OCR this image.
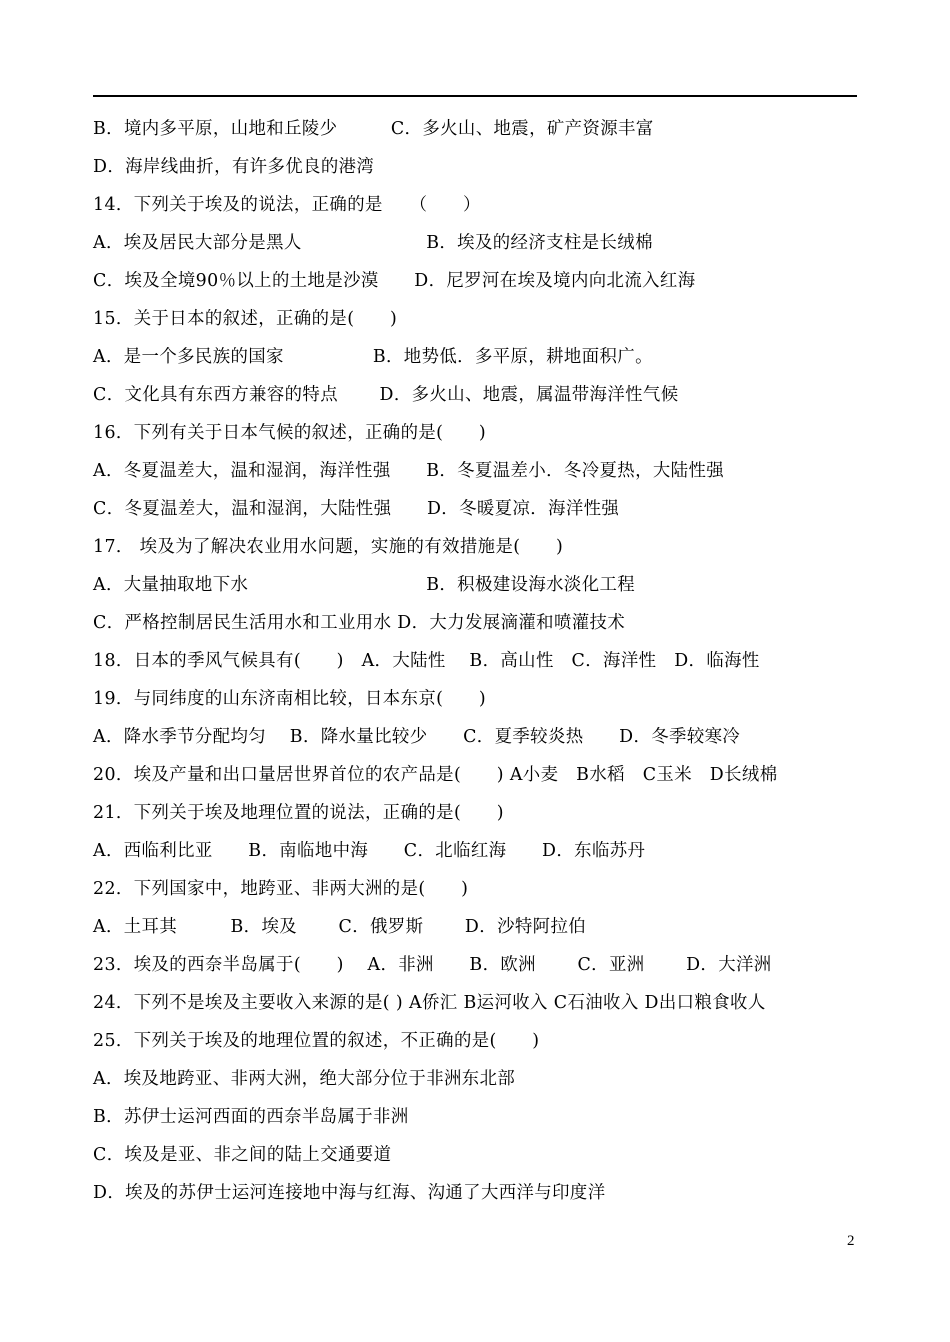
B．境内多平原，山地和丘陵少　　　C．多火山、地震，矿产资源丰富
D．海岸线曲折，有许多优良的港湾
14．下列关于埃及的说法，正确的是　　（　　）
A．埃及居民大部分是黑人　　　　　　　B．埃及的经济支柱是长绒棉
C．埃及全境90％以上的土地是沙漠　　D．尼罗河在埃及境内向北流入红海
15．关于日本的叙述，正确的是(　　)
A．是一个多民族的国家　　　　　B．地势低．多平原，耕地面积广。
C．文化具有东西方兼容的特点　　 D．多火山、地震，属温带海洋性气候
16．下列有关于日本气候的叙述，正确的是(　　)
A．冬夏温差大，温和湿润，海洋性强　　B．冬夏温差小．冬冷夏热，大陆性强
C．冬夏温差大，温和湿润，大陆性强　　D．冬暖夏凉．海洋性强
17． 埃及为了解决农业用水问题，实施的有效措施是(　　)
A．大量抽取地下水　　　　　　　　　　B．积极建设海水淡化工程
C．严格控制居民生活用水和工业用水 D．大力发展滴灌和喷灌技术
18．日本的季风气候具有(　　)　A．大陆性　 B．高山性　C．海洋性　D．临海性
19．与同纬度的山东济南相比较，日本东京(　　)
A．降水季节分配均匀　 B．降水量比较少　　C．夏季较炎热　　D．冬季较寒冷
20．埃及产量和出口量居世界首位的农产品是(　　) A小麦　B水稻　C玉米　D长绒棉
21．下列关于埃及地理位置的说法，正确的是(　　)
A．西临利比亚　　B．南临地中海　　C．北临红海　　D．东临苏丹
22．下列国家中，地跨亚、非两大洲的是(　　)
A．土耳其　　　B．埃及　　 C．俄罗斯　　 D．沙特阿拉伯
23．埃及的西奈半岛属于(　　)　 A．非洲　　B．欧洲　　 C．亚洲　　 D．大洋洲
24．下列不是埃及主要收入来源的是( ) A侨汇 B运河收入 C石油收入 D出口粮食收人
25．下列关于埃及的地理位置的叙述，不正确的是(　　)
A．埃及地跨亚、非两大洲，绝大部分位于非洲东北部
B．苏伊士运河西面的西奈半岛属于非洲
C．埃及是亚、非之间的陆上交通要道
D．埃及的苏伊士运河连接地中海与红海、沟通了大西洋与印度洋
2
